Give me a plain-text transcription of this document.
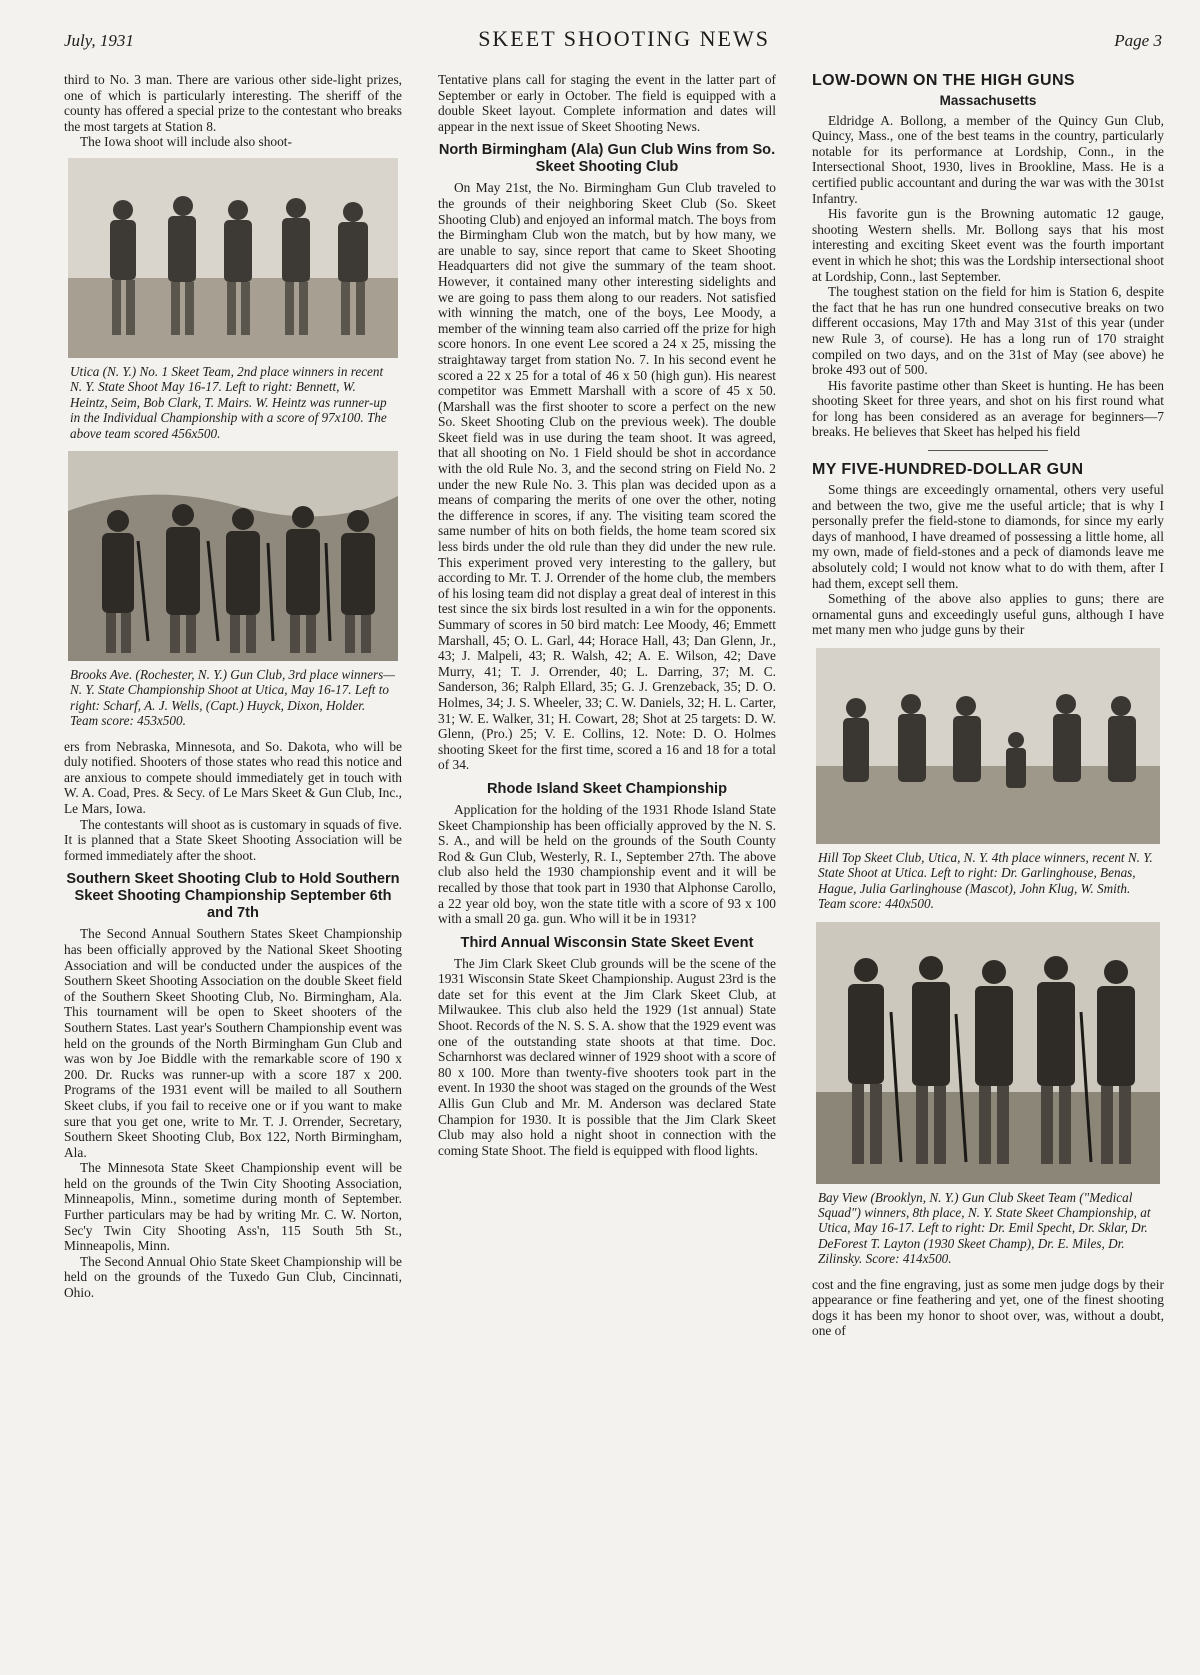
July, 1931	SKEET SHOOTING NEWS	Page 3

third to No. 3 man. There are various other side-light prizes, one of which is particularly interesting. The sheriff of the county has offered a special prize to the contestant who breaks the most targets at Station 8.

The Iowa shoot will include also shoot-

Utica (N. Y.) No. 1 Skeet Team, 2nd place winners in recent N. Y. State Shoot May 16-17. Left to right: Bennett, W. Heintz, Seim, Bob Clark, T. Mairs. W. Heintz was runner-up in the Individual Championship with a score of 97x100. The above team scored 456x500.
Brooks Ave. (Rochester, N. Y.) Gun Club, 3rd place winners—N. Y. State Championship Shoot at Utica, May 16-17. Left to right: Scharf, A. J. Wells, (Capt.) Huyck, Dixon, Holder. Team score: 453x500.

ers from Nebraska, Minnesota, and So. Dakota, who will be duly notified. Shooters of those states who read this notice and are anxious to compete should immediately get in touch with W. A. Coad, Pres. & Secy. of Le Mars Skeet & Gun Club, Inc., Le Mars, Iowa.

The contestants will shoot as is customary in squads of five. It is planned that a State Skeet Shooting Association will be formed immediately after the shoot.

Southern Skeet Shooting Club to Hold Southern Skeet Shooting Championship September 6th and 7th

The Second Annual Southern States Skeet Championship has been officially approved by the National Skeet Shooting Association and will be conducted under the auspices of the Southern Skeet Shooting Association on the double Skeet field of the Southern Skeet Shooting Club, No. Birmingham, Ala. This tournament will be open to Skeet shooters of the Southern States. Last year's Southern Championship event was held on the grounds of the North Birmingham Gun Club and was won by Joe Biddle with the remarkable score of 190 x 200. Dr. Rucks was runner-up with a score 187 x 200. Programs of the 1931 event will be mailed to all Southern Skeet clubs, if you fail to receive one or if you want to make sure that you get one, write to Mr. T. J. Orrender, Secretary, Southern Skeet Shooting Club, Box 122, North Birmingham, Ala.

The Minnesota State Skeet Championship event will be held on the grounds of the Twin City Shooting Association, Minneapolis, Minn., sometime during month of September. Further particulars may be had by writing Mr. C. W. Norton, Sec'y Twin City Shooting Ass'n, 115 South 5th St., Minneapolis, Minn.

The Second Annual Ohio State Skeet Championship will be held on the grounds of the Tuxedo Gun Club, Cincinnati, Ohio.

Tentative plans call for staging the event in the latter part of September or early in October. The field is equipped with a double Skeet layout. Complete information and dates will appear in the next issue of Skeet Shooting News.

North Birmingham (Ala) Gun Club Wins from So. Skeet Shooting Club

On May 21st, the No. Birmingham Gun Club traveled to the grounds of their neighboring Skeet Club (So. Skeet Shooting Club) and enjoyed an informal match. The boys from the Birmingham Club won the match, but by how many, we are unable to say, since report that came to Skeet Shooting Headquarters did not give the summary of the team shoot. However, it contained many other interesting sidelights and we are going to pass them along to our readers. Not satisfied with winning the match, one of the boys, Lee Moody, a member of the winning team also carried off the prize for high score honors. In one event Lee scored a 24 x 25, missing the straightaway target from station No. 7. In his second event he scored a 22 x 25 for a total of 46 x 50 (high gun). His nearest competitor was Emmett Marshall with a score of 45 x 50. (Marshall was the first shooter to score a perfect on the new So. Skeet Shooting Club on the previous week). The double Skeet field was in use during the team shoot. It was agreed, that all shooting on No. 1 Field should be shot in accordance with the old Rule No. 3, and the second string on Field No. 2 under the new Rule No. 3. This plan was decided upon as a means of comparing the merits of one over the other, noting the difference in scores, if any. The visiting team scored the same number of hits on both fields, the home team scored six less birds under the old rule than they did under the new rule. This experiment proved very interesting to the gallery, but according to Mr. T. J. Orrender of the home club, the members of his losing team did not display a great deal of interest in this test since the six birds lost resulted in a win for the opponents. Summary of scores in 50 bird match: Lee Moody, 46; Emmett Marshall, 45; O. L. Garl, 44; Horace Hall, 43; Dan Glenn, Jr., 43; J. Malpeli, 43; R. Walsh, 42; A. E. Wilson, 42; Dave Murry, 41; T. J. Orrender, 40; L. Darring, 37; M. C. Sanderson, 36; Ralph Ellard, 35; G. J. Grenzeback, 35; D. O. Holmes, 34; J. S. Wheeler, 33; C. W. Daniels, 32; H. L. Carter, 31; W. E. Walker, 31; H. Cowart, 28; Shot at 25 targets: D. W. Glenn, (Pro.) 25; V. E. Collins, 12. Note: D. O. Holmes shooting Skeet for the first time, scored a 16 and 18 for a total of 34.

Rhode Island Skeet Championship

Application for the holding of the 1931 Rhode Island State Skeet Championship has been officially approved by the N. S. S. A., and will be held on the grounds of the South County Rod & Gun Club, Westerly, R. I., September 27th. The above club also held the 1930 championship event and it will be recalled by those that took part in 1930 that Alphonse Carollo, a 22 year old boy, won the state title with a score of 93 x 100 with a small 20 ga. gun. Who will it be in 1931?

Third Annual Wisconsin State Skeet Event

The Jim Clark Skeet Club grounds will be the scene of the 1931 Wisconsin State Skeet Championship. August 23rd is the date set for this event at the Jim Clark Skeet Club, at Milwaukee. This club also held the 1929 (1st annual) State Shoot. Records of the N. S. S. A. show that the 1929 event was one of the outstanding state shoots at that time. Doc. Scharnhorst was declared winner of 1929 shoot with a score of 80 x 100. More than twenty-five shooters took part in the event. In 1930 the shoot was staged on the grounds of the West Allis Gun Club and Mr. M. Anderson was declared State Champion for 1930. It is possible that the Jim Clark Skeet Club may also hold a night shoot in connection with the coming State Shoot. The field is equipped with flood lights.

LOW-DOWN ON THE HIGH GUNS
Massachusetts

Eldridge A. Bollong, a member of the Quincy Gun Club, Quincy, Mass., one of the best teams in the country, particularly notable for its performance at Lordship, Conn., in the Intersectional Shoot, 1930, lives in Brookline, Mass. He is a certified public accountant and during the war was with the 301st Infantry.

His favorite gun is the Browning automatic 12 gauge, shooting Western shells. Mr. Bollong says that his most interesting and exciting Skeet event was the fourth important event in which he shot; this was the Lordship intersectional shoot at Lordship, Conn., last September.

The toughest station on the field for him is Station 6, despite the fact that he has run one hundred consecutive breaks on two different occasions, May 17th and May 31st of this year (under new Rule 3, of course). He has a long run of 170 straight compiled on two days, and on the 31st of May (see above) he broke 493 out of 500.

His favorite pastime other than Skeet is hunting. He has been shooting Skeet for three years, and shot on his first round what for long has been considered as an average for beginners—7 breaks. He believes that Skeet has helped his field

MY FIVE-HUNDRED-DOLLAR GUN

Some things are exceedingly ornamental, others very useful and between the two, give me the useful article; that is why I personally prefer the field-stone to diamonds, for since my early days of manhood, I have dreamed of possessing a little home, all my own, made of field-stones and a peck of diamonds leave me absolutely cold; I would not know what to do with them, after I had them, except sell them.

Something of the above also applies to guns; there are ornamental guns and exceedingly useful guns, although I have met many men who judge guns by their

Hill Top Skeet Club, Utica, N. Y. 4th place winners, recent N. Y. State Shoot at Utica. Left to right: Dr. Garlinghouse, Benas, Hague, Julia Garlinghouse (Mascot), John Klug, W. Smith. Team score: 440x500.
Bay View (Brooklyn, N. Y.) Gun Club Skeet Team ("Medical Squad") winners, 8th place, N. Y. State Skeet Championship, at Utica, May 16-17. Left to right: Dr. Emil Specht, Dr. Sklar, Dr. DeForest T. Layton (1930 Skeet Champ), Dr. E. Miles, Dr. Zilinsky. Score: 414x500.

cost and the fine engraving, just as some men judge dogs by their appearance or fine feathering and yet, one of the finest shooting dogs it has been my honor to shoot over, was, without a doubt, one of
